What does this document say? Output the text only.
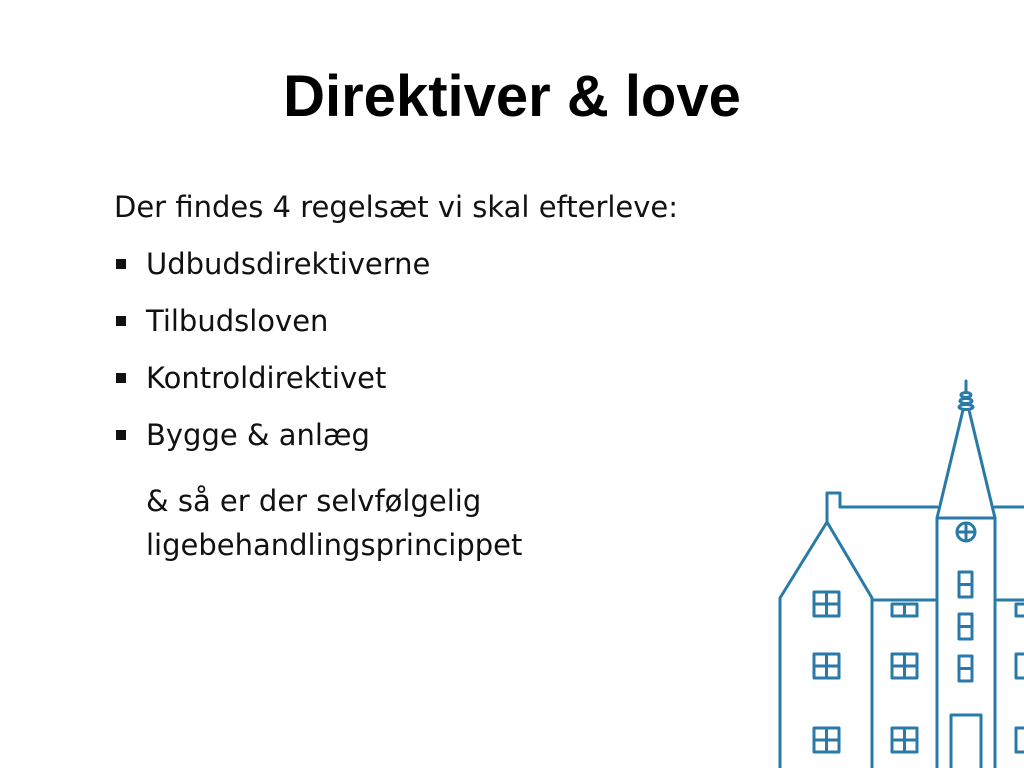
Direktiver & love
Der findes 4 regelsæt vi skal efterleve:
Udbudsdirektiverne
Tilbudsloven
Kontroldirektivet
Bygge & anlæg
& så er der selvfølgelig
ligebehandlingsprincippet
